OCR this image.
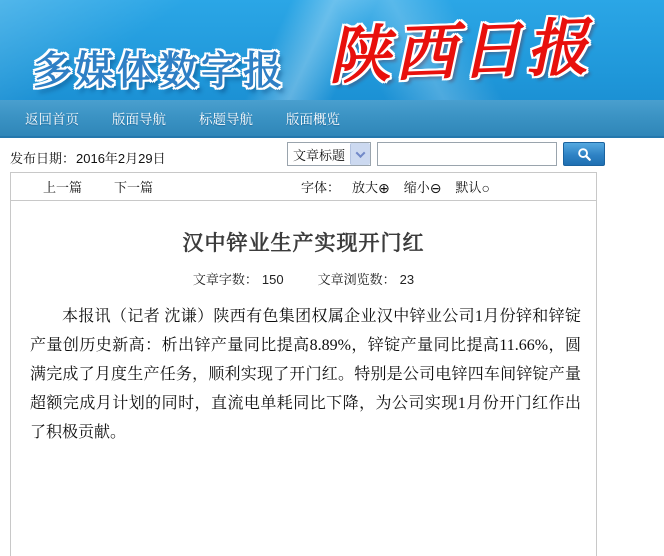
多媒体数字报 陕西日报
返回首页 版面导航 标题导航 版面概览
发布日期： 2016年2月29日	文章标题
上一篇 下一篇	字体： 放大⊕ 缩小⊖ 默认○
汉中锌业生产实现开门红
文章字数： 150	文章浏览数： 23

本报讯（记者 沈谦）陕西有色集团权属企业汉中锌业公司1月份锌和锌锭产量创历史新高：析出锌产量同比提高8.89%，锌锭产量同比提高11.66%，圆满完成了月度生产任务，顺利实现了开门红。特别是公司电锌四车间锌锭产量超额完成月计划的同时，直流电单耗同比下降，为公司实现1月份开门红作出了积极贡献。
